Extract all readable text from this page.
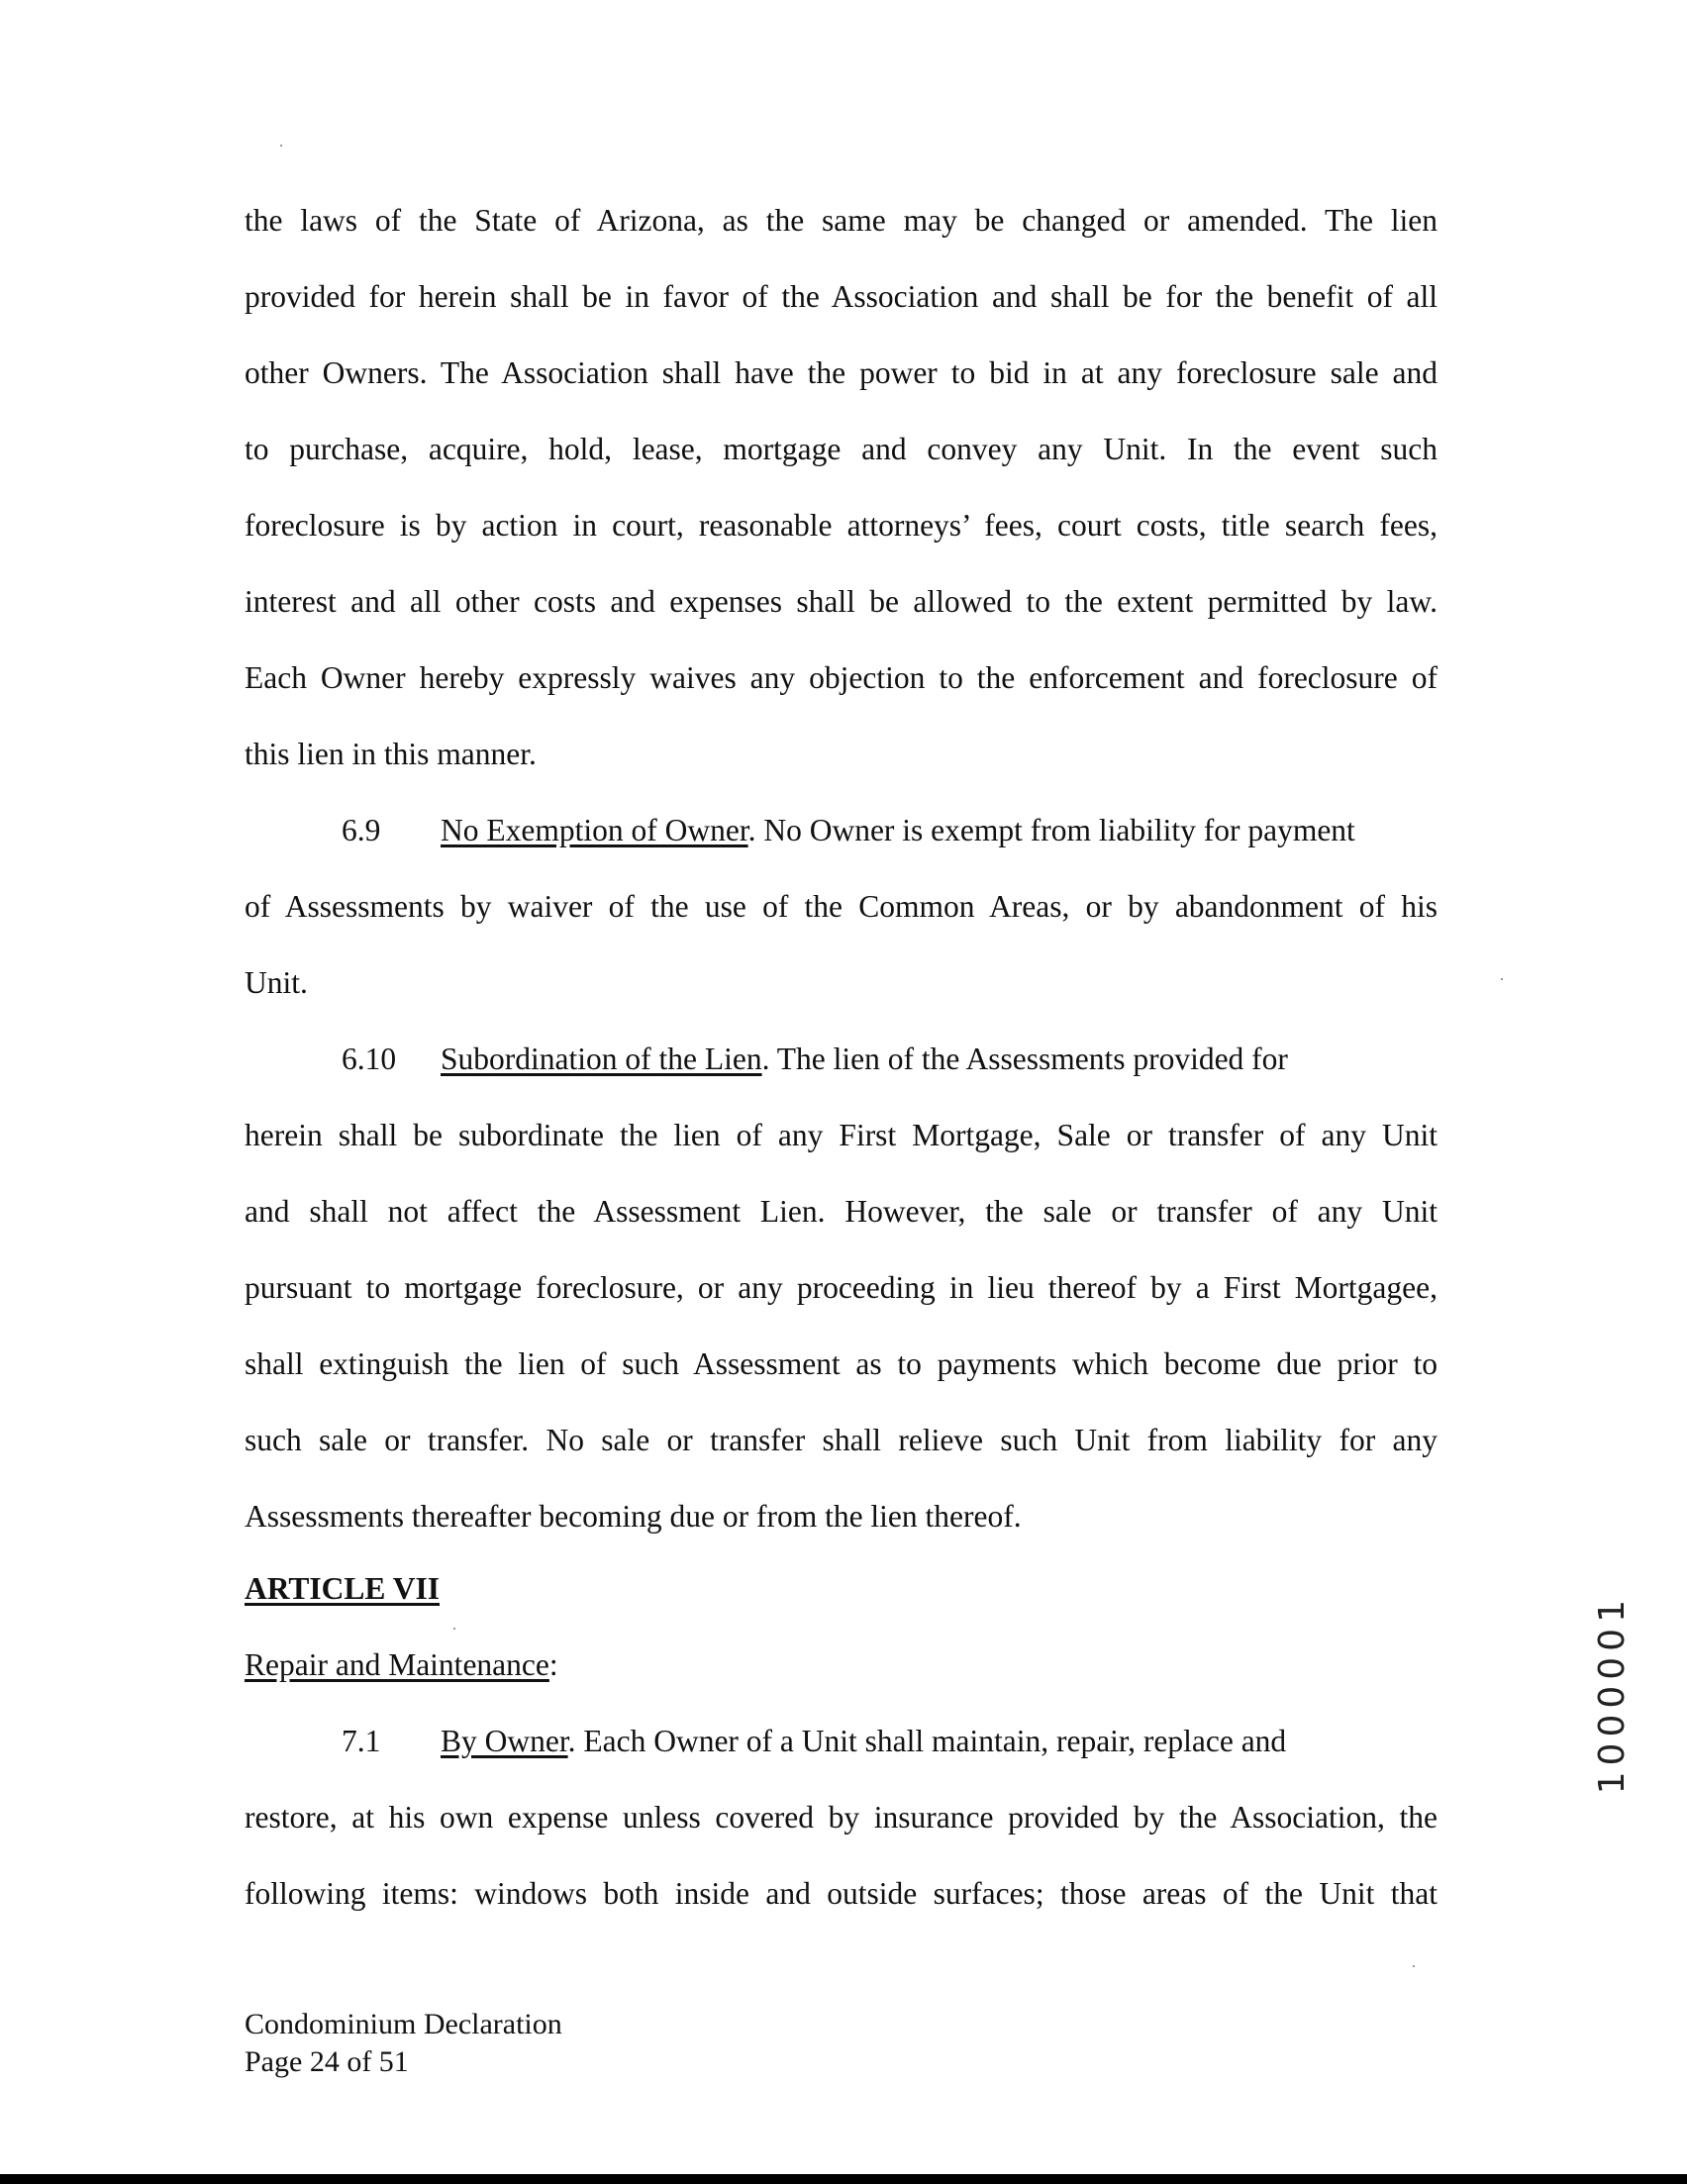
the laws of the State of Arizona, as the same may be changed or amended. The lien
provided for herein shall be in favor of the Association and shall be for the benefit of all
other Owners. The Association shall have the power to bid in at any foreclosure sale and
to purchase, acquire, hold, lease, mortgage and convey any Unit. In the event such
foreclosure is by action in court, reasonable attorneys’ fees, court costs, title search fees,
interest and all other costs and expenses shall be allowed to the extent permitted by law.
Each Owner hereby expressly waives any objection to the enforcement and foreclosure of
this lien in this manner.
6.9 No Exemption of Owner. No Owner is exempt from liability for payment
of Assessments by waiver of the use of the Common Areas, or by abandonment of his
Unit.
6.10 Subordination of the Lien. The lien of the Assessments provided for
herein shall be subordinate the lien of any First Mortgage, Sale or transfer of any Unit
and shall not affect the Assessment Lien. However, the sale or transfer of any Unit
pursuant to mortgage foreclosure, or any proceeding in lieu thereof by a First Mortgagee,
shall extinguish the lien of such Assessment as to payments which become due prior to
such sale or transfer. No sale or transfer shall relieve such Unit from liability for any
Assessments thereafter becoming due or from the lien thereof.
ARTICLE VII
Repair and Maintenance:
7.1 By Owner. Each Owner of a Unit shall maintain, repair, replace and
restore, at his own expense unless covered by insurance provided by the Association, the
following items: windows both inside and outside surfaces; those areas of the Unit that
Condominium Declaration
Page 24 of 51
1000001
